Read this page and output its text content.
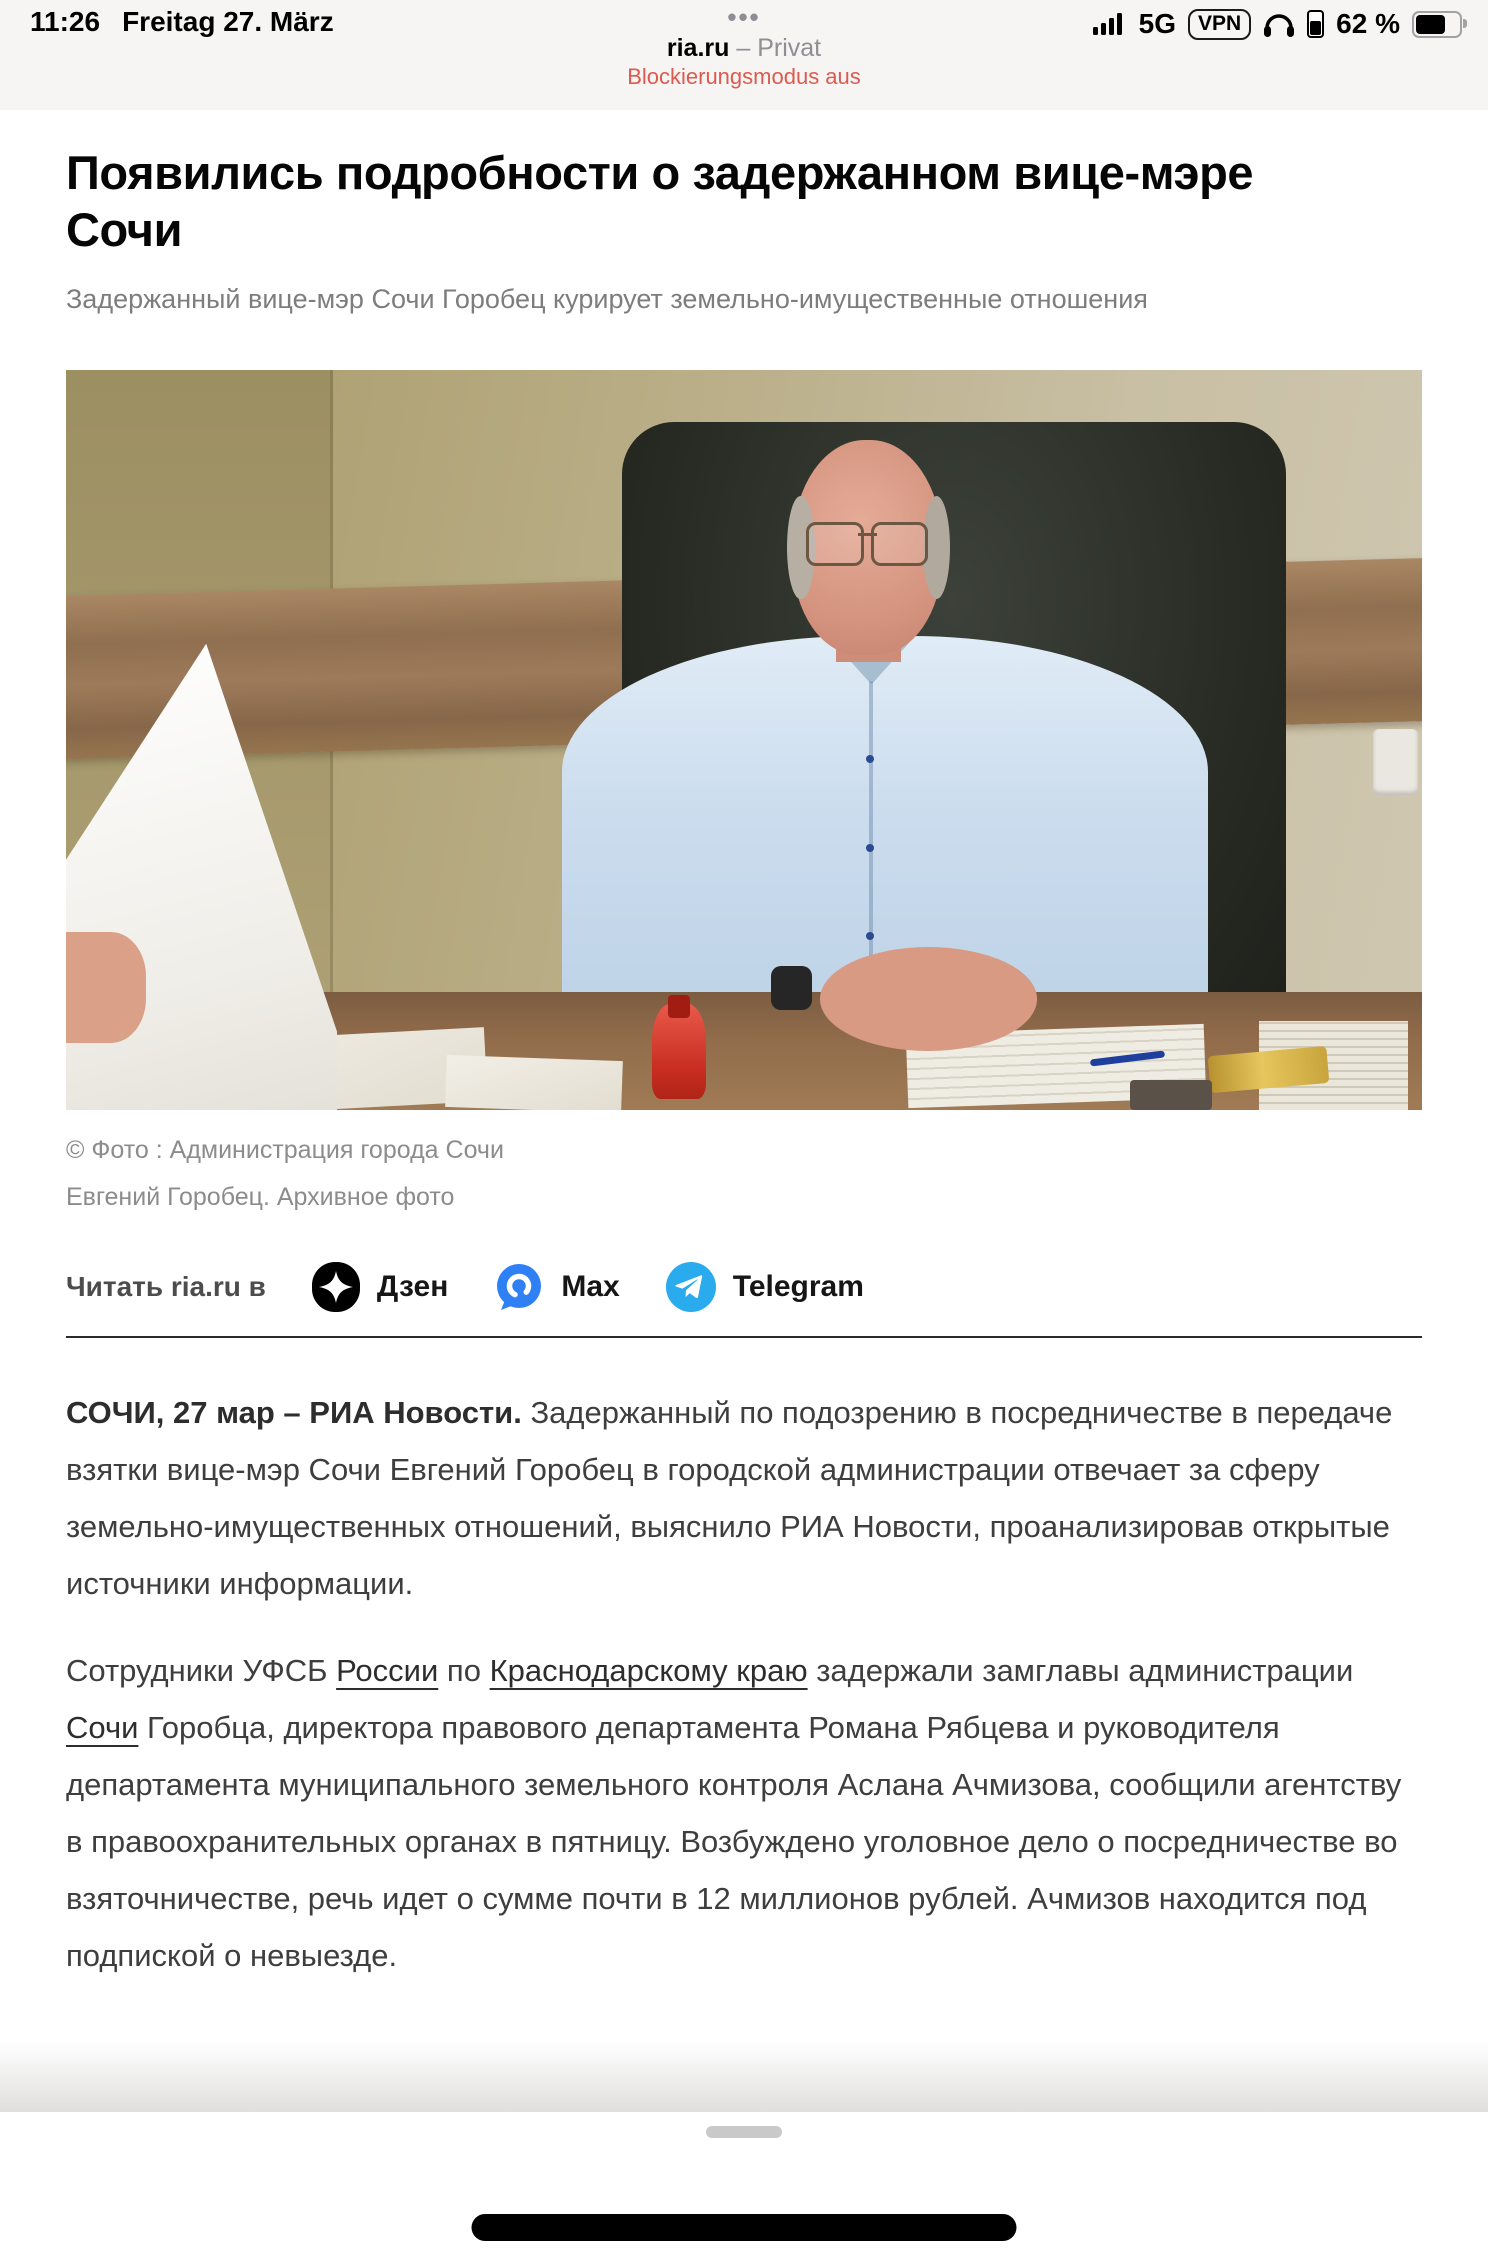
11:26 Freitag 27. März	•••	5G	VPN	62 %
ria.ru – Privat
Blockierungsmodus aus
Появились подробности о задержанном вице-мэре Сочи

Задержанный вице-мэр Сочи Горобец курирует земельно-имущественные отношения

© Фото : Администрация города Сочи

Евгений Горобец. Архивное фото

Читать ria.ru в	Дзен	Max	Telegram

СОЧИ, 27 мар – РИА Новости. Задержанный по подозрению в посредничестве в передаче взятки вице-мэр Сочи Евгений Горобец в городской администрации отвечает за сферу земельно-имущественных отношений, выяснило РИА Новости, проанализировав открытые источники информации.

Сотрудники УФСБ России по Краснодарскому краю задержали замглавы администрации Сочи Горобца, директора правового департамента Романа Рябцева и руководителя департамента муниципального земельного контроля Аслана Ачмизова, сообщили агентству в правоохранительных органах в пятницу. Возбуждено уголовное дело о посредничестве во взяточничестве, речь идет о сумме почти в 12 миллионов рублей. Ачмизов находится под подпиской о невыезде.
